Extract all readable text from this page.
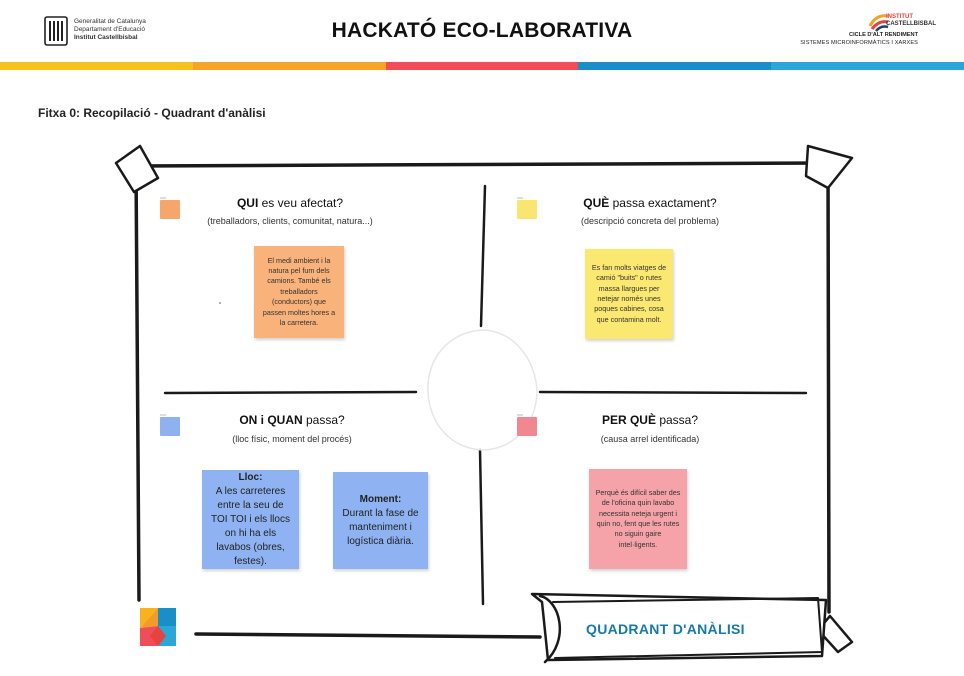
Generalitat de Catalunya
Departament d'Educació
Institut Castellbisbal	HACKATÓ ECO-LABORATIVA
INSTITUT
CASTELLBISBAL
CICLE D'ALT RENDIMENT
SISTEMES MICROINFORMÀTICS I XARXES
Fitxa 0: Recopilació - Quadrant d'anàlisi
QUI es veu afectat?
(treballadors, clients, comunitat, natura...)
El medi ambient i la natura pel fum dels camions. També els treballadors (conductors) que passen moltes hores a la carretera.
QUÈ passa exactament?
(descripció concreta del problema)
Es fan molts viatges de camió "buits" o rutes massa llargues per netejar només unes poques cabines, cosa que contamina molt.
ON i QUAN passa?
(lloc físic, moment del procés)
Lloc:
A les carreteres entre la seu de TOI TOI i els llocs on hi ha els lavabos (obres, festes).
Moment:
Durant la fase de manteniment i logística diària.
PER QUÈ passa?
(causa arrel identificada)
Perquè és difícil saber des de l'oficina quin lavabo necessita neteja urgent i quin no, fent que les rutes no siguin gaire intel·ligents.
QUADRANT D'ANÀLISI
